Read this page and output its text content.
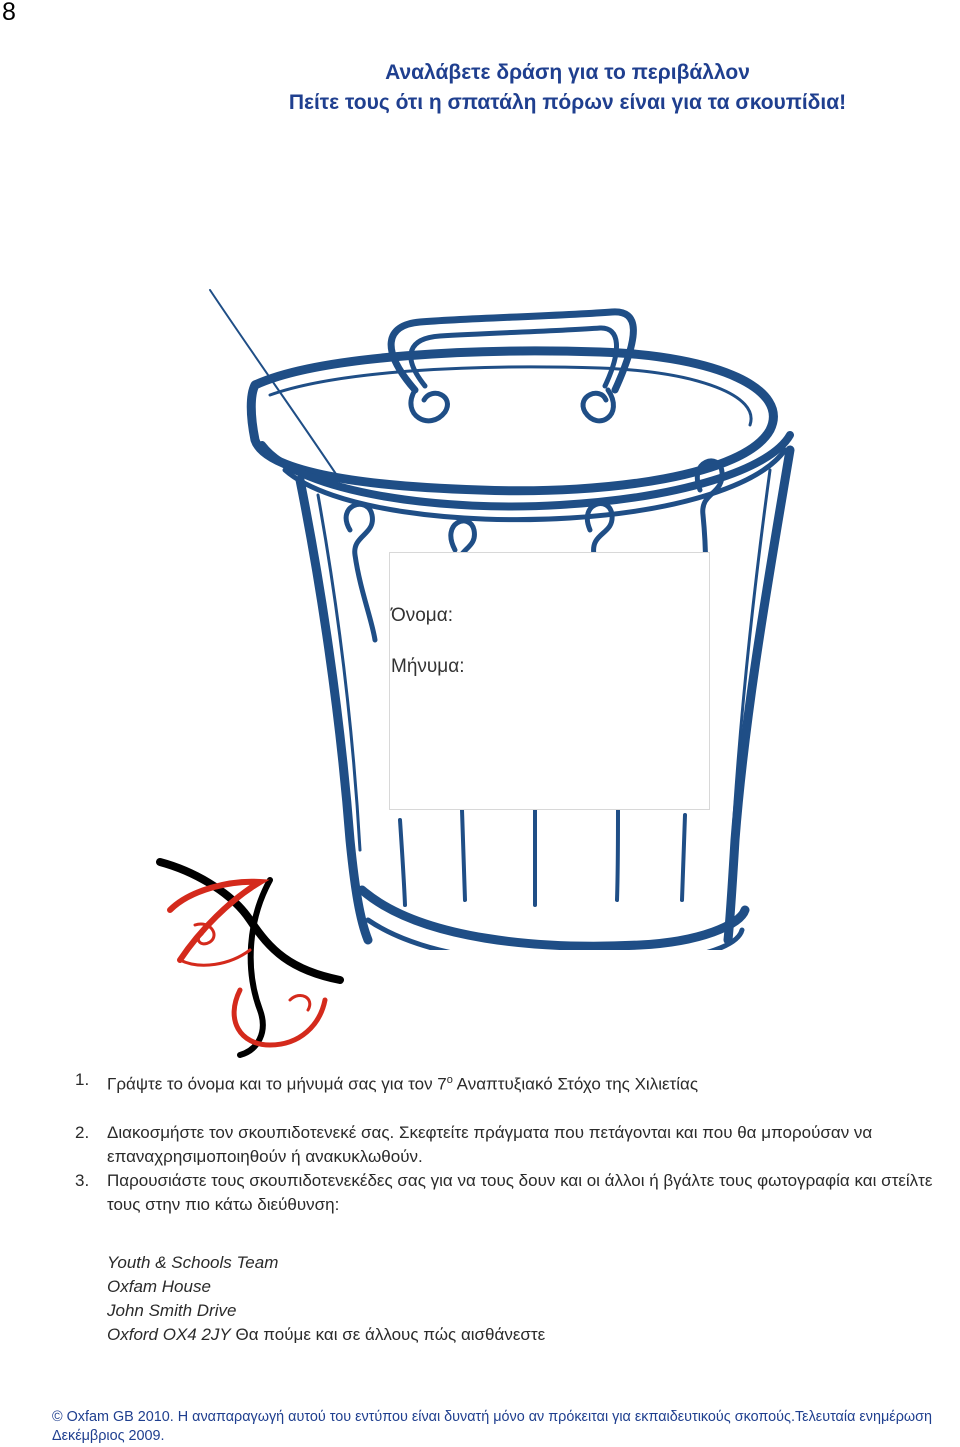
8
Αναλάβετε δράση για το περιβάλλον
Πείτε τους ότι η σπατάλη πόρων είναι για τα σκουπίδια!
Όνομα:
Μήνυμα:
1. Γράψτε το όνομα και το μήνυμά σας για τον $7^o$ Αναπτυξιακό Στόχο της Χιλιετίας
2. Διακοσμήστε τον σκουπιδοτενεκέ σας. Σκεφτείτε πράγματα που πετάγονται και που θα μπορούσαν να επαναχρησιμοποιηθούν ή ανακυκλωθούν.
3. Παρουσιάστε τους σκουπιδοτενεκέδες σας για να τους δουν και οι άλλοι ή βγάλτε τους φωτογραφία και στείλτε τους στην πιο κάτω διεύθυνση:
Youth & Schools Team
Oxfam House
John Smith Drive
Oxford OX4 2JY Θα πούμε και σε άλλους πώς αισθάνεστε
© Oxfam GB 2010. Η αναπαραγωγή αυτού του εντύπου είναι δυνατή μόνο αν πρόκειται για εκπαιδευτικούς σκοπούς.Τελευταία ενημέρωση Δεκέμβριος 2009.
